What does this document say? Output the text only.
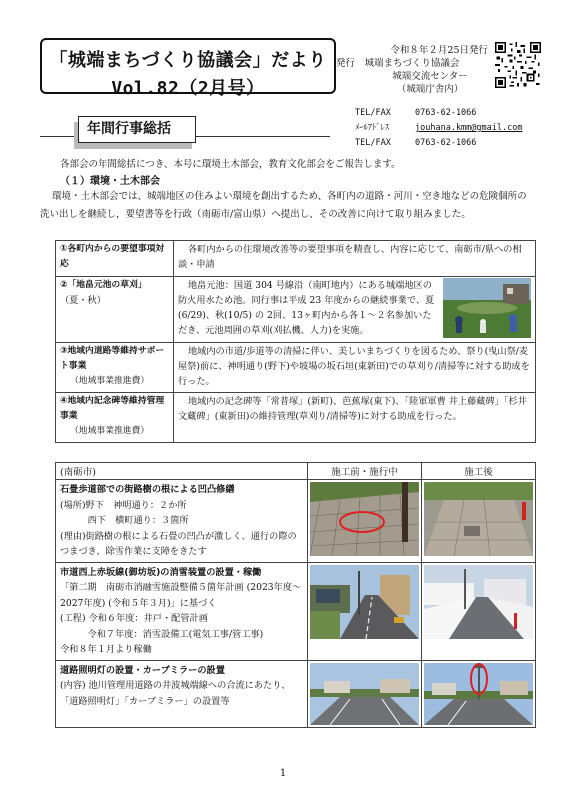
「城端まちづくり協議会」だより
Vol.82（2月号）
令和８年２月25日発行
発行　城端まちづくり協議会
城端交流センター
（城端庁舎内）
TEL/FAX	0763-62-1066
ﾒｰﾙｱﾄﾞﾚｽ	jouhana.kmm@gmail.com
TEL/FAX	0763-62-1066
年間行事総括
各部会の年間総括につき、本号に環境土木部会，教育文化部会をご報告します。
（１）環境・土木部会
環境・土木部会では、城端地区の住みよい環境を創出するため、各町内の道路・河川・空き地などの危険個所の洗い出しを継続し，要望書等を行政（南砺市/富山県）へ提出し、その改善に向けて取り組みました。
①各町内からの要望事項対応	各町内からの住環境改善等の要望事項を精査し、内容に応じて、南砺市/県への相談・申請

②「地畠元池の草刈」
（夏・秋）	地畠元池：国道 304 号線沿（南町地内）にある城端地区の防火用水ため池。同行事は平成 23 年度からの継続事業で、夏(6/29)、秋(10/5) の 2回、13ヶ町内から各１～２名参加いただき、元池周囲の草刈(刈払機、人力)を実施。

③地域内道路等維持サポート事業
（地域事業推進費）	地域内の市道/歩道等の清掃に伴い、美しいまちづくりを図るため、祭り(曳山祭/麦屋祭)前に、神明通り(野下)や坡場の坂石垣(東新田)での草刈り/清掃等に対する助成を行った。

④地域内記念碑等維持管理事業
（地域事業推進費）	地域内の記念碑等「常普塚」(新町)、芭蕉塚(東下)、「陸軍軍曹 井上藤藏碑」「杉井文藏碑」(東新田)の維持管理(草刈り/清掃等)に対する助成を行った。
(南砺市)	施工前・施行中	施工後

石畳歩道部での街路樹の根による凹凸修繕
(場所)野下　神明通り：２か所
　　　西下　横町通り：３箇所
(理由)街路樹の根による石畳の凹凸が激しく、通行の際のつまづき、除雪作業に支障をきたす

市道西上赤坂線(御坊坂)の消雪装置の設置・稼働
「第二期　南砺市消融雪施設整備５箇年計画 (2023年度～2027年度) (令和５年３月)」に基づく
(工程) 令和６年度：井戸・配管計画
　　　令和７年度：消雪設備工(電気工事/管工事)
令和８年１月より稼働

道路照明灯の設置・カーブミラーの設置
(内容) 池川管理用道路の井波城端線への合流にあたり、「道路照明灯」「カーブミラー」の設置等

1
